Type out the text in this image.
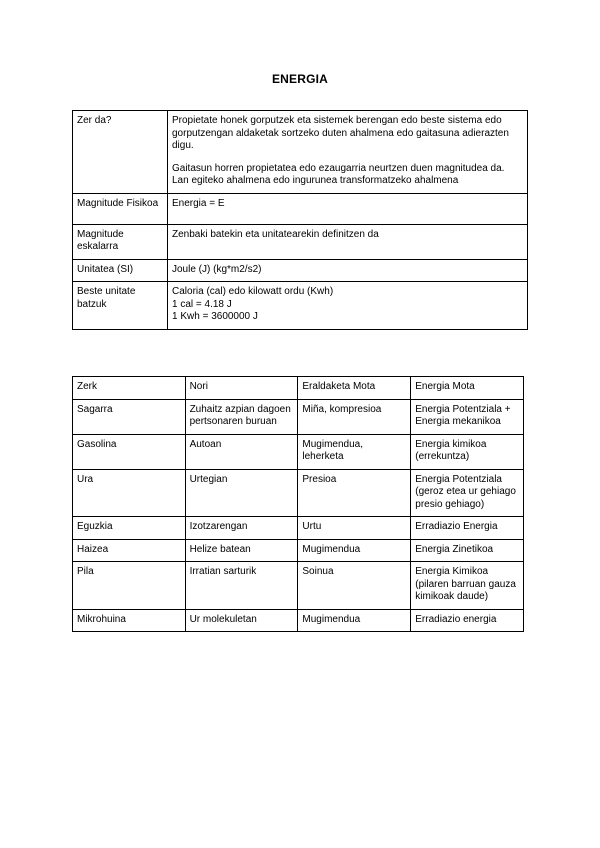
ENERGIA
Zer da?	Propietate honek gorputzek eta sistemek berengan edo beste sistema edo gorputzengan aldaketak sortzeko duten ahalmena edo gaitasuna adierazten digu.

Gaitasun horren propietatea edo ezaugarria neurtzen duen magnitudea da. Lan egiteko ahalmena edo ingurunea transformatzeko ahalmena

Magnitude Fisikoa	Energia = E
Magnitude eskalarra	Zenbaki batekin eta unitatearekin definitzen da
Unitatea (SI)	Joule (J) (kg*m2/s2)
Beste unitate batzuk	Caloria (cal) edo kilowatt ordu (Kwh)
1 cal = 4.18 J
1 Kwh = 3600000 J
Zerk	Nori	Eraldaketa Mota	Energia Mota
Sagarra	Zuhaitz azpian dagoen pertsonaren buruan	Miña, kompresioa	Energia Potentziala + Energia mekanikoa
Gasolina	Autoan	Mugimendua, leherketa	Energia kimikoa (errekuntza)
Ura	Urtegian	Presioa	Energia Potentziala (geroz etea ur gehiago presio gehiago)
Eguzkia	Izotzarengan	Urtu	Erradiazio Energia
Haizea	Helize batean	Mugimendua	Energia Zinetikoa
Pila	Irratian sarturik	Soinua	Energia Kimikoa (pilaren barruan gauza kimikoak daude)
Mikrohuina	Ur molekuletan	Mugimendua	Erradiazio energia
